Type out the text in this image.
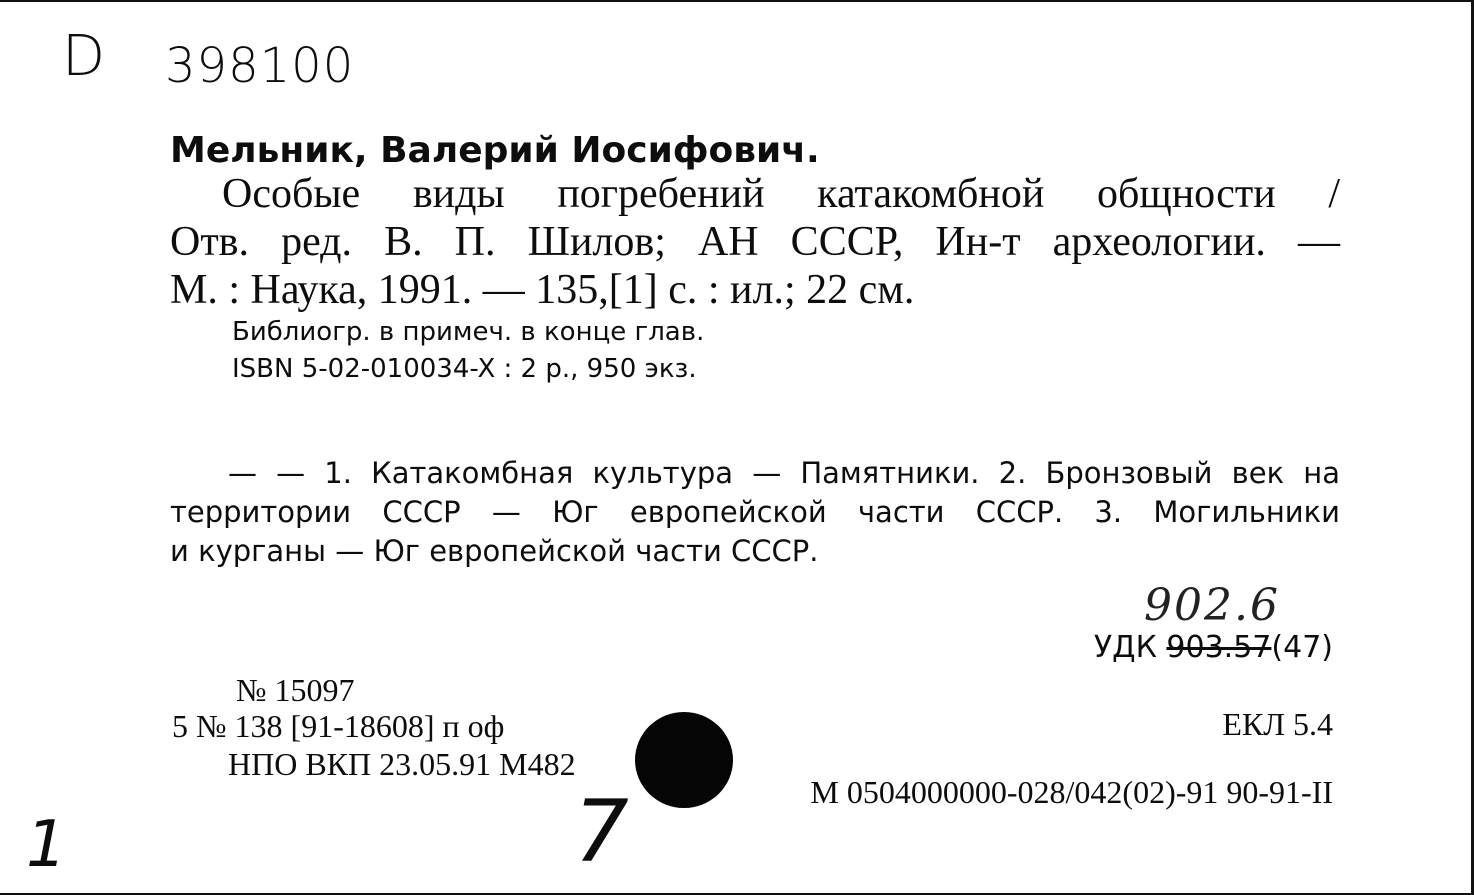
D 398100
Мельник, Валерий Иосифович.
Особые виды погребений катакомбной общности /
Отв. ред. В. П. Шилов; АН СССР, Ин-т археологии. —
М. : Наука, 1991. — 135,[1] с. : ил.; 22 см.
Библиогр. в примеч. в конце глав.
ISBN 5-02-010034-X : 2 р., 950 экз.
— — 1. Катакомбная культура — Памятники. 2. Бронзовый век на
территории СССР — Юг европейской части СССР. 3. Могильники
и курганы — Юг европейской части СССР.
902.6
УДК 903.57(47)
№ 15097
5 № 138 [91-18608] п оф
НПО ВКП 23.05.91 М482
ЕКЛ 5.4
М 0504000000-028/042(02)-91 90-91-II
1	7
